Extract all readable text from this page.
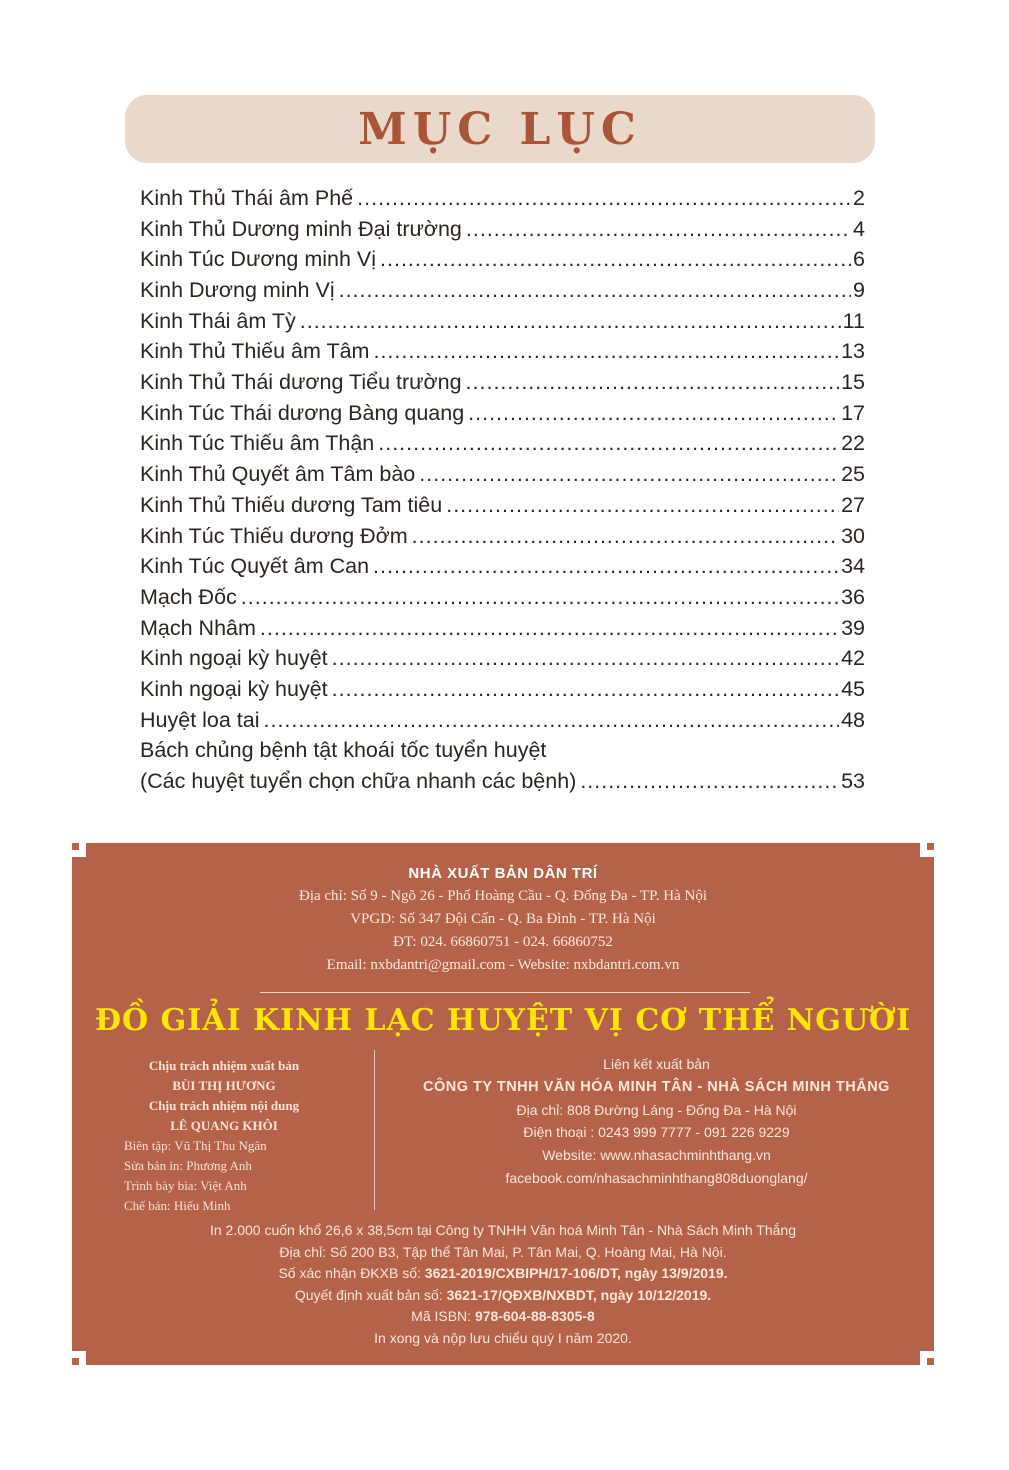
MỤC LỤC
Kinh Thủ Thái âm Phế .....	2
Kinh Thủ Dương minh Đại trường .....	4
Kinh Túc Dương minh Vị .....	6
Kinh Dương minh Vị .....	9
Kinh Thái âm Tỳ .....	11
Kinh Thủ Thiếu âm Tâm .....	13
Kinh Thủ Thái dương Tiểu trường .....	15
Kinh Túc Thái dương Bàng quang .....	17
Kinh Túc Thiếu âm Thận .....	22
Kinh Thủ Quyết âm Tâm bào .....	25
Kinh Thủ Thiếu dương Tam tiêu .....	27
Kinh Túc Thiếu dương Đởm .....	30
Kinh Túc Quyết âm Can .....	34
Mạch Đốc .....	36
Mạch Nhâm .....	39
Kinh ngoại kỳ huyệt .....	42
Kinh ngoại kỳ huyệt .....	45
Huyệt loa tai .....	48
Bách chủng bệnh tật khoái tốc tuyển huyệt
(Các huyệt tuyển chọn chữa nhanh các bệnh) .....	53
NHÀ XUẤT BẢN DÂN TRÍ
Địa chỉ: Số 9 - Ngõ 26 - Phố Hoàng Cầu - Q. Đống Đa - TP. Hà Nội
VPGD: Số 347 Đội Cấn - Q. Ba Đình - TP. Hà Nội
ĐT: 024. 66860751 - 024. 66860752
Email: nxbdantri@gmail.com - Website: nxbdantri.com.vn
ĐỒ GIẢI KINH LẠC HUYỆT VỊ CƠ THỂ NGƯỜI
Chịu trách nhiệm xuất bản
BÙI THỊ HƯƠNG
Chịu trách nhiệm nội dung
LÊ QUANG KHÔI
Biên tập: Vũ Thị Thu Ngân
Sửa bản in: Phương Anh
Trình bày bìa: Việt Anh
Chế bản: Hiếu Minh
Liên kết xuất bản
CÔNG TY TNHH VĂN HÓA MINH TÂN - NHÀ SÁCH MINH THẮNG
Địa chỉ: 808 Đường Láng - Đống Đa - Hà Nội
Điện thoại : 0243 999 7777 - 091 226 9229
Website: www.nhasachminhthang.vn
facebook.com/nhasachminhthang808duonglang/
In 2.000 cuốn khổ 26,6 x 38,5cm tại Công ty TNHH Văn hoá Minh Tân - Nhà Sách Minh Thắng
Địa chỉ: Số 200 B3, Tập thể Tân Mai, P. Tân Mai, Q. Hoàng Mai, Hà Nội.
Số xác nhận ĐKXB số: 3621-2019/CXBIPH/17-106/DT, ngày 13/9/2019.
Quyết định xuất bản số: 3621-17/QĐXB/NXBDT, ngày 10/12/2019.
Mã ISBN: 978-604-88-8305-8
In xong và nộp lưu chiểu quý I năm 2020.
